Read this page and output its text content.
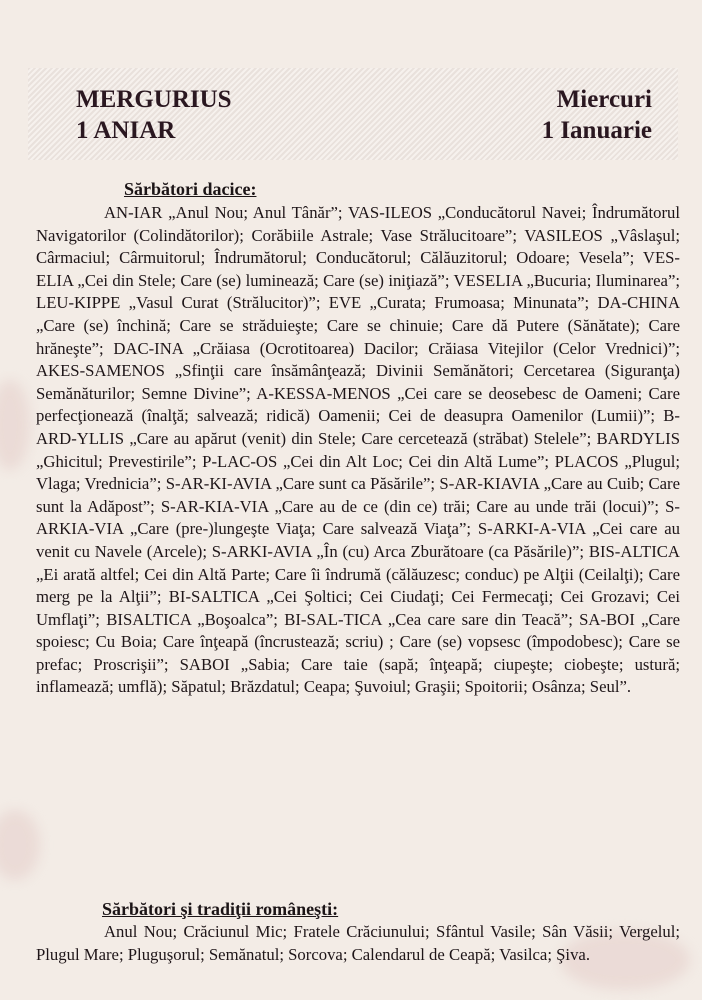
MERGURIUS
1 ANIAR
Miercuri
1 Ianuarie
Sărbători dacice:
AN-IAR „Anul Nou; Anul Tânăr”; VAS-ILEOS „Conducătorul Navei; Îndrumătorul Navigatorilor (Colindătorilor); Corăbiile Astrale; Vase Strălucitoare”; VASILEOS „Vâslaşul; Cârmaciul; Cârmuitorul; Îndrumătorul; Conducătorul; Călăuzitorul; Odoare; Vesela”; VES-ELIA „Cei din Stele; Care (se) luminează; Care (se) iniţiază”; VESELIA „Bucuria; Iluminarea”; LEU-KIPPE „Vasul Curat (Strălucitor)”; EVE „Curata; Frumoasa; Minunata”; DA-CHINA „Care (se) închină; Care se străduieşte; Care se chinuie; Care dă Putere (Sănătate); Care hrăneşte”; DAC-INA „Crăiasa (Ocrotitoarea) Dacilor; Crăiasa Vitejilor (Celor Vrednici)”; AKES-SAMENOS „Sfinţii care însămânţează; Divinii Semănători; Cercetarea (Siguranţa) Semănăturilor; Semne Divine”; A-KESSA-MENOS „Cei care se deosebesc de Oameni; Care perfecţionează (înalţă; salvează; ridică) Oamenii; Cei de deasupra Oamenilor (Lumii)”; B-ARD-YLLIS „Care au apărut (venit) din Stele; Care cercetează (străbat) Stelele”; BARDYLIS „Ghicitul; Prevestirile”; P-LAC-OS „Cei din Alt Loc; Cei din Altă Lume”; PLACOS „Plugul; Vlaga; Vrednicia”; S-AR-KI-AVIA „Care sunt ca Păsările”; S-AR-KIAVIA „Care au Cuib; Care sunt la Adăpost”; S-AR-KIA-VIA „Care au de ce (din ce) trăi; Care au unde trăi (locui)”; S-ARKIA-VIA „Care (pre-)lungeşte Viaţa; Care salvează Viaţa”; S-ARKI-A-VIA „Cei care au venit cu Navele (Arcele); S-ARKI-AVIA „În (cu) Arca Zburătoare (ca Păsările)”; BIS-ALTICA „Ei arată altfel; Cei din Altă Parte; Care îi îndrumă (călăuzesc; conduc) pe Alţii (Ceilalţi); Care merg pe la Alţii”; BI-SALTICA „Cei Şoltici; Cei Ciudaţi; Cei Fermecaţi; Cei Grozavi; Cei Umflaţi”; BISALTICA „Boşoalca”; BI-SAL-TICA „Cea care sare din Teacă”; SA-BOI „Care spoiesc; Cu Boia; Care înţeapă (încrustează; scriu) ; Care (se) vopsesc (împodobesc); Care se prefac; Proscrişii”; SABOI „Sabia; Care taie (sapă; înţeapă; ciupeşte; ciobeşte; ustură; inflamează; umflă); Săpatul; Brăzdatul; Ceapa; Şuvoiul; Graşii; Spoitorii; Osânza; Seul”.
Sărbători şi tradiţii româneşti:
Anul Nou; Crăciunul Mic; Fratele Crăciunului; Sfântul Vasile; Sân Văsii; Vergelul; Plugul Mare; Pluguşorul; Semănatul; Sorcova; Calendarul de Ceapă; Vasilca; Şiva.
